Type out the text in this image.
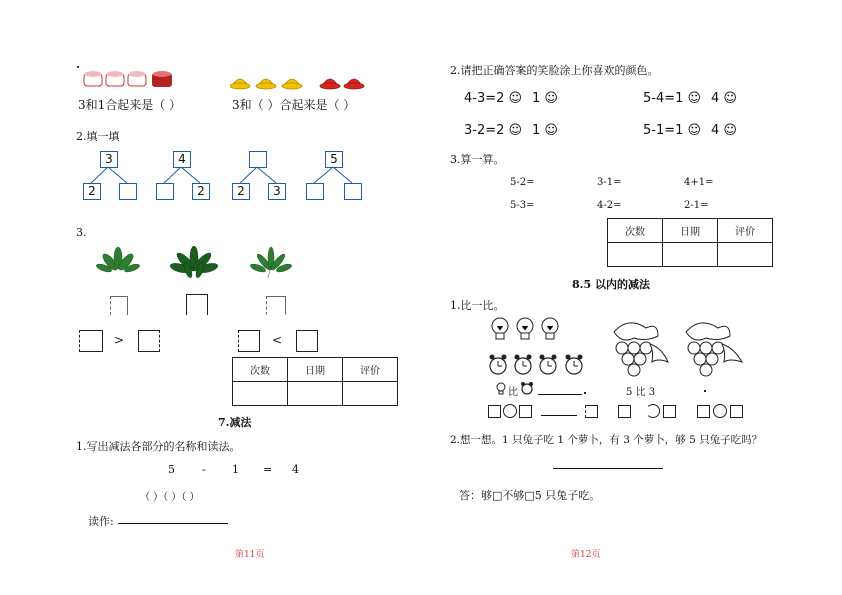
3和1合起来是（ ）	3和（ ）合起来是（ ）
2.填一填
3
2
4
2	2	3
5
3.
>	<
次数	日期	评价

7.减法
1.写出减法各部分的名称和读法。
5 - 1 = 4
（ ）（ ）（ ）
读作:
第11页
2.请把正确答案的笑脸涂上你喜欢的颜色。
4-3=2 ☺ 1 ☺	5-4=1 ☺ 4 ☺
3-2=2 ☺ 1 ☺	5-1=1 ☺ 4 ☺
3.算一算。
5-2=	3-1=	4+1=
5-3=	4-2=	2-1=
次数	日期	评价

8.5 以内的减法
1.比一比。
比	5 比 3
2.想一想。1 只兔子吃 1 个萝卜，有 3 个萝卜，够 5 只兔子吃吗？
答：够□不够□5 只兔子吃。
第12页
